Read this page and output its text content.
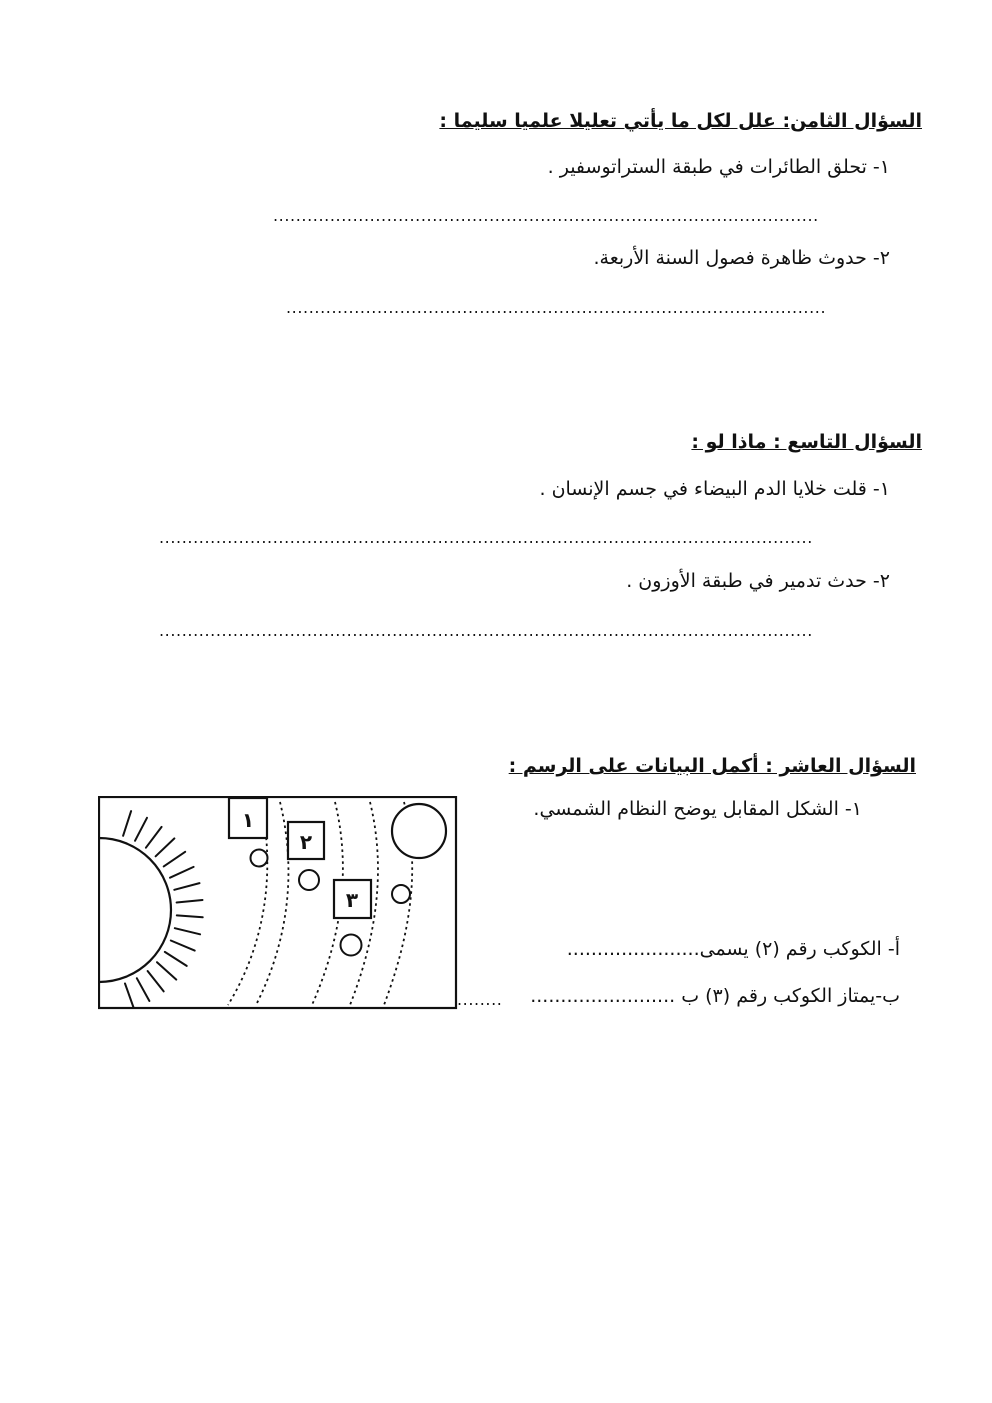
السؤال الثامن: علل لكل ما يأتي تعليلا علميا سليما :
١- تحلق الطائرات في طبقة الستراتوسفير .
................................................................................................
٢- حدوث ظاهرة فصول السنة الأربعة.
...............................................................................................
السؤال التاسع : ماذا لو :
١- قلت خلايا الدم البيضاء في جسم الإنسان .
...................................................................................................................
٢- حدث تدمير في طبقة الأوزون .
...................................................................................................................
السؤال العاشر : أكمل البيانات على الرسم :
١- الشكل المقابل يوضح النظام الشمسي.
أ- الكوكب رقم (٢) يسمى......................
ب-يمتاز الكوكب رقم (٣) ب ........................
........
١
٢
٣
